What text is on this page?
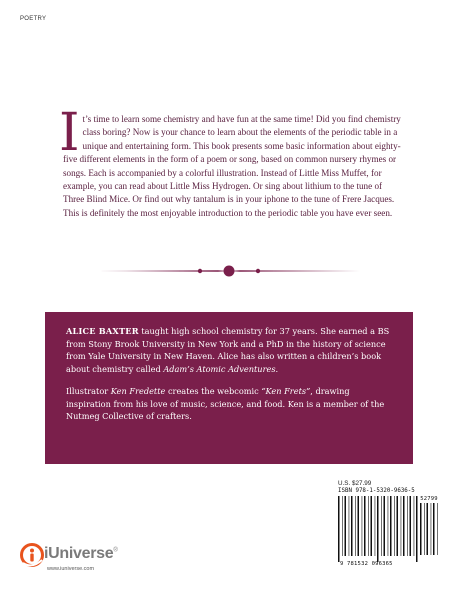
POETRY
It’s time to learn some chemistry and have fun at the same time! Did you find chemistry class boring? Now is your chance to learn about the elements of the periodic table in a unique and entertaining form. This book presents some basic information about eighty-five different elements in the form of a poem or song, based on common nursery rhymes or songs. Each is accompanied by a colorful illustration. Instead of Little Miss Muffet, for example, you can read about Little Miss Hydrogen. Or sing about lithium to the tune of Three Blind Mice. Or find out why tantalum is in your iphone to the tune of Frere Jacques. This is definitely the most enjoyable introduction to the periodic table you have ever seen.

ALICE BAXTER taught high school chemistry for 37 years. She earned a BS from Stony Brook University in New York and a PhD in the history of science from Yale University in New Haven. Alice has also written a children’s book about chemistry called Adam’s Atomic Adventures.

Illustrator Ken Fredette creates the webcomic “Ken Frets”, drawing inspiration from his love of music, science, and food. Ken is a member of the Nutmeg Collective of crafters.

U.S. $27.99
ISBN 978-1-5320-9636-5
52799
9 781532 096365
iUniverse®
www.iuniverse.com
